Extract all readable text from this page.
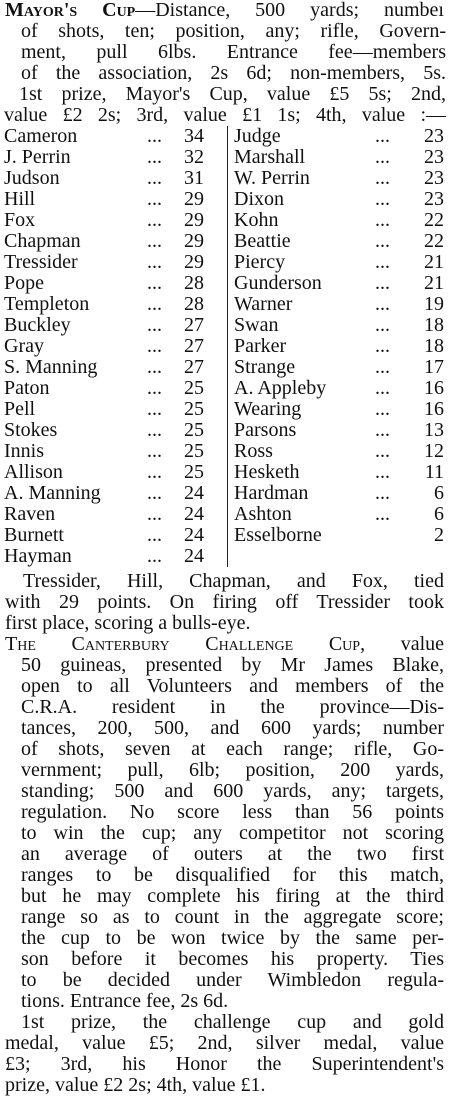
Mayor's Cup—Distance, 500 yards; numbeı
of shots, ten; position, any; rifle, Govern-
ment, pull 6lbs. Entrance fee—members
of the association, 2s 6d; non-members, 5s.
1st prize, Mayor's Cup, value £5 5s; 2nd,
value £2 2s; 3rd, value £1 1s; 4th, value :—
Cameron	...	34 Judge	...	23
J. Perrin	...	32 Marshall	...	23
Judson	...	31 W. Perrin	...	23
Hill	...	29 Dixon	...	23
Fox	...	29 Kohn	...	22
Chapman	...	29 Beattie	...	22
Tressider	...	29 Piercy	...	21
Pope	...	28 Gunderson	...	21
Templeton	...	28 Warner	...	19
Buckley	...	27 Swan	...	18
Gray	...	27 Parker	...	18
S. Manning ...	27 Strange	...	17
Paton	...	25 A. Appleby ...	16
Pell	...	25 Wearing	...	16
Stokes	...	25 Parsons	...	13
Innis	...	25 Ross	...	12
Allison	...	25 Hesketh	...	11
A. Manning ...	24 Hardman	...	6
Raven	...	24 Ashton	...	6
Burnett	...	24 Esselborne	2
Hayman	...	24
Tressider, Hill, Chapman, and Fox, tied
with 29 points. On firing off Tressider took
first place, scoring a bulls-eye.
The Canterbury Challenge Cup, value
50 guineas, presented by Mr James Blake,
open to all Volunteers and members of the
C.R.A. resident in the province—Dis-
tances, 200, 500, and 600 yards; number
of shots, seven at each range; rifle, Go-
vernment; pull, 6lb; position, 200 yards,
standing; 500 and 600 yards, any; targets,
regulation. No score less than 56 points
to win the cup; any competitor not scoring
an average of outers at the two first
ranges to be disqualified for this match,
but he may complete his firing at the third
range so as to count in the aggregate score;
the cup to be won twice by the same per-
son before it becomes his property. Ties
to be decided under Wimbledon regula-
tions. Entrance fee, 2s 6d.
1st prize, the challenge cup and gold
medal, value £5; 2nd, silver medal, value
£3; 3rd, his Honor the Superintendent's
prize, value £2 2s; 4th, value £1.
